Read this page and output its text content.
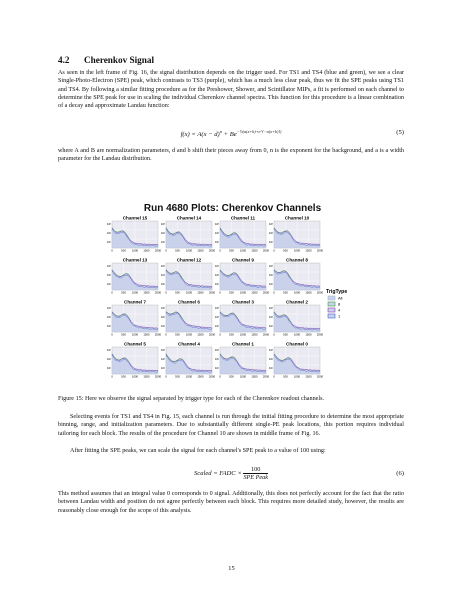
4.2 Cherenkov Signal
As seen in the left frame of Fig. 16, the signal distribution depends on the trigger used. For TS1 and TS4 (blue and green), we see a clear Single-Photo-Electron (SPE) peak, which contrasts to TS3 (purple), which has a much less clear peak, thus we fit the SPE peaks using TS1 and TS4. By following a similar fitting procedure as for the Preshower, Shower, and Scintillator MIPs, a fit is performed on each channel to determine the SPE peak for use in scaling the individual Cherenkov channel spectra. This function for this procedure is a linear combination of a decay and approximate Landau function:
$f(x) = A(x - d)^n + Be^{-\frac{1}{2}(a(x+b)+e\^{}\{-a(x+b)\})}$	(5)
where A and B are normalization parameters, d and b shift their pieces away from 0, n is the exponent for the background, and a is a width parameter for the Landau distribution.
Run 4680 Plots: Cherenkov Channels
Channel 15
10³
10²
10¹
0	500 1000 1500 2000
Channel 14
10³
10²
10¹
0	500 1000 1500 2000
Channel 11
10³
10²
10¹
0	500 1000 1500 2000
Channel 10
10³
10²
10¹
0	500 1000 1500 2000
Channel 13
10³
10²
10¹
0	500 1000 1500 2000
Channel 12
10³
10²
10¹
0	500 1000 1500 2000
Channel 9
10³
10²
10¹
0	500 1000 1500 2000
Channel 8
10³
10²
10¹
0	500 1000 1500 2000
Channel 7
10³
10²
10¹
0	500 1000 1500 2000
Channel 6
10³
10²
10¹
0	500 1000 1500 2000
Channel 3
10³
10²
10¹
0	500 1000 1500 2000
Channel 2
10³
10²
10¹
0	500 1000 1500 2000
Channel 5
10³
10²
10¹
0	500 1000 1500 2000
Channel 4
10³
10²
10¹
0	500 1000 1500 2000
Channel 1
10³
10²
10¹
0	500 1000 1500 2000
Channel 0
10³
10²
10¹
0	500 1000 1500 2000
TrigType
All
8
4
1
Figure 15: Here we observe the signal separated by trigger type for each of the Cherenkov readout channels.
Selecting events for TS1 and TS4 in Fig. 15, each channel is run through the initial fitting procedure to determine the most appropriate binning, range, and initialization parameters. Due to substantially different single-PE peak locations, this portion requires individual tailoring for each block. The results of the procedure for Channel 10 are shown in middle frame of Fig. 16.
After fitting the SPE peaks, we can scale the signal for each channel's SPE peak to a value of 100 using:
Scaled = FADC × $\frac{100}{\text{SPE Peak}}$	(6)
This method assumes that an integral value 0 corresponds to 0 signal. Additionally, this does not perfectly account for the fact that the ratio between Landau width and position do not agree perfectly between each block. This requires more detailed study, however, the results are reasonably close enough for the scope of this analysis.
15
